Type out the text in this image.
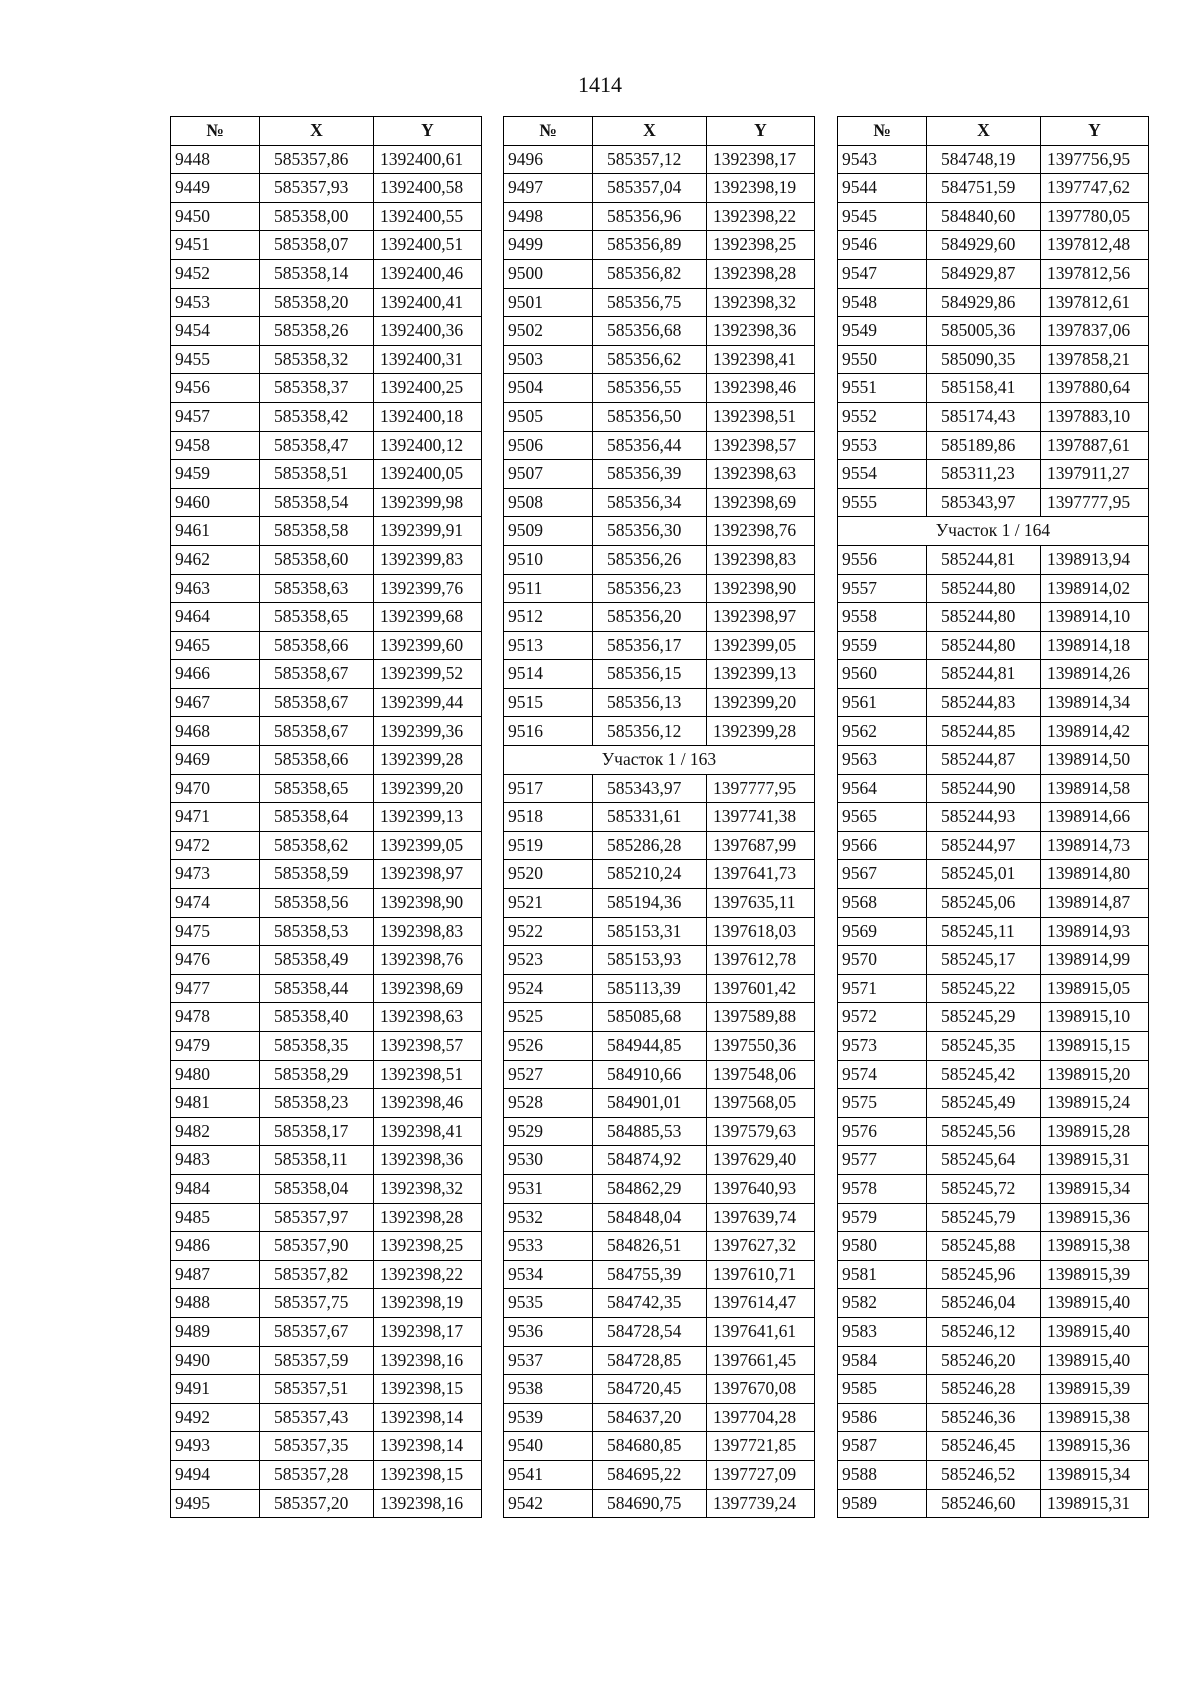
1414
№	X	Y
9448	585357,86	1392400,61
9449	585357,93	1392400,58
9450	585358,00	1392400,55
9451	585358,07	1392400,51
9452	585358,14	1392400,46
9453	585358,20	1392400,41
9454	585358,26	1392400,36
9455	585358,32	1392400,31
9456	585358,37	1392400,25
9457	585358,42	1392400,18
9458	585358,47	1392400,12
9459	585358,51	1392400,05
9460	585358,54	1392399,98
9461	585358,58	1392399,91
9462	585358,60	1392399,83
9463	585358,63	1392399,76
9464	585358,65	1392399,68
9465	585358,66	1392399,60
9466	585358,67	1392399,52
9467	585358,67	1392399,44
9468	585358,67	1392399,36
9469	585358,66	1392399,28
9470	585358,65	1392399,20
9471	585358,64	1392399,13
9472	585358,62	1392399,05
9473	585358,59	1392398,97
9474	585358,56	1392398,90
9475	585358,53	1392398,83
9476	585358,49	1392398,76
9477	585358,44	1392398,69
9478	585358,40	1392398,63
9479	585358,35	1392398,57
9480	585358,29	1392398,51
9481	585358,23	1392398,46
9482	585358,17	1392398,41
9483	585358,11	1392398,36
9484	585358,04	1392398,32
9485	585357,97	1392398,28
9486	585357,90	1392398,25
9487	585357,82	1392398,22
9488	585357,75	1392398,19
9489	585357,67	1392398,17
9490	585357,59	1392398,16
9491	585357,51	1392398,15
9492	585357,43	1392398,14
9493	585357,35	1392398,14
9494	585357,28	1392398,15
9495	585357,20	1392398,16
№	X	Y
9496	585357,12	1392398,17
9497	585357,04	1392398,19
9498	585356,96	1392398,22
9499	585356,89	1392398,25
9500	585356,82	1392398,28
9501	585356,75	1392398,32
9502	585356,68	1392398,36
9503	585356,62	1392398,41
9504	585356,55	1392398,46
9505	585356,50	1392398,51
9506	585356,44	1392398,57
9507	585356,39	1392398,63
9508	585356,34	1392398,69
9509	585356,30	1392398,76
9510	585356,26	1392398,83
9511	585356,23	1392398,90
9512	585356,20	1392398,97
9513	585356,17	1392399,05
9514	585356,15	1392399,13
9515	585356,13	1392399,20
9516	585356,12	1392399,28
Участок 1 / 163		
9517	585343,97	1397777,95
9518	585331,61	1397741,38
9519	585286,28	1397687,99
9520	585210,24	1397641,73
9521	585194,36	1397635,11
9522	585153,31	1397618,03
9523	585153,93	1397612,78
9524	585113,39	1397601,42
9525	585085,68	1397589,88
9526	584944,85	1397550,36
9527	584910,66	1397548,06
9528	584901,01	1397568,05
9529	584885,53	1397579,63
9530	584874,92	1397629,40
9531	584862,29	1397640,93
9532	584848,04	1397639,74
9533	584826,51	1397627,32
9534	584755,39	1397610,71
9535	584742,35	1397614,47
9536	584728,54	1397641,61
9537	584728,85	1397661,45
9538	584720,45	1397670,08
9539	584637,20	1397704,28
9540	584680,85	1397721,85
9541	584695,22	1397727,09
9542	584690,75	1397739,24
№	X	Y
9543	584748,19	1397756,95
9544	584751,59	1397747,62
9545	584840,60	1397780,05
9546	584929,60	1397812,48
9547	584929,87	1397812,56
9548	584929,86	1397812,61
9549	585005,36	1397837,06
9550	585090,35	1397858,21
9551	585158,41	1397880,64
9552	585174,43	1397883,10
9553	585189,86	1397887,61
9554	585311,23	1397911,27
9555	585343,97	1397777,95
Участок 1 / 164		
9556	585244,81	1398913,94
9557	585244,80	1398914,02
9558	585244,80	1398914,10
9559	585244,80	1398914,18
9560	585244,81	1398914,26
9561	585244,83	1398914,34
9562	585244,85	1398914,42
9563	585244,87	1398914,50
9564	585244,90	1398914,58
9565	585244,93	1398914,66
9566	585244,97	1398914,73
9567	585245,01	1398914,80
9568	585245,06	1398914,87
9569	585245,11	1398914,93
9570	585245,17	1398914,99
9571	585245,22	1398915,05
9572	585245,29	1398915,10
9573	585245,35	1398915,15
9574	585245,42	1398915,20
9575	585245,49	1398915,24
9576	585245,56	1398915,28
9577	585245,64	1398915,31
9578	585245,72	1398915,34
9579	585245,79	1398915,36
9580	585245,88	1398915,38
9581	585245,96	1398915,39
9582	585246,04	1398915,40
9583	585246,12	1398915,40
9584	585246,20	1398915,40
9585	585246,28	1398915,39
9586	585246,36	1398915,38
9587	585246,45	1398915,36
9588	585246,52	1398915,34
9589	585246,60	1398915,31
